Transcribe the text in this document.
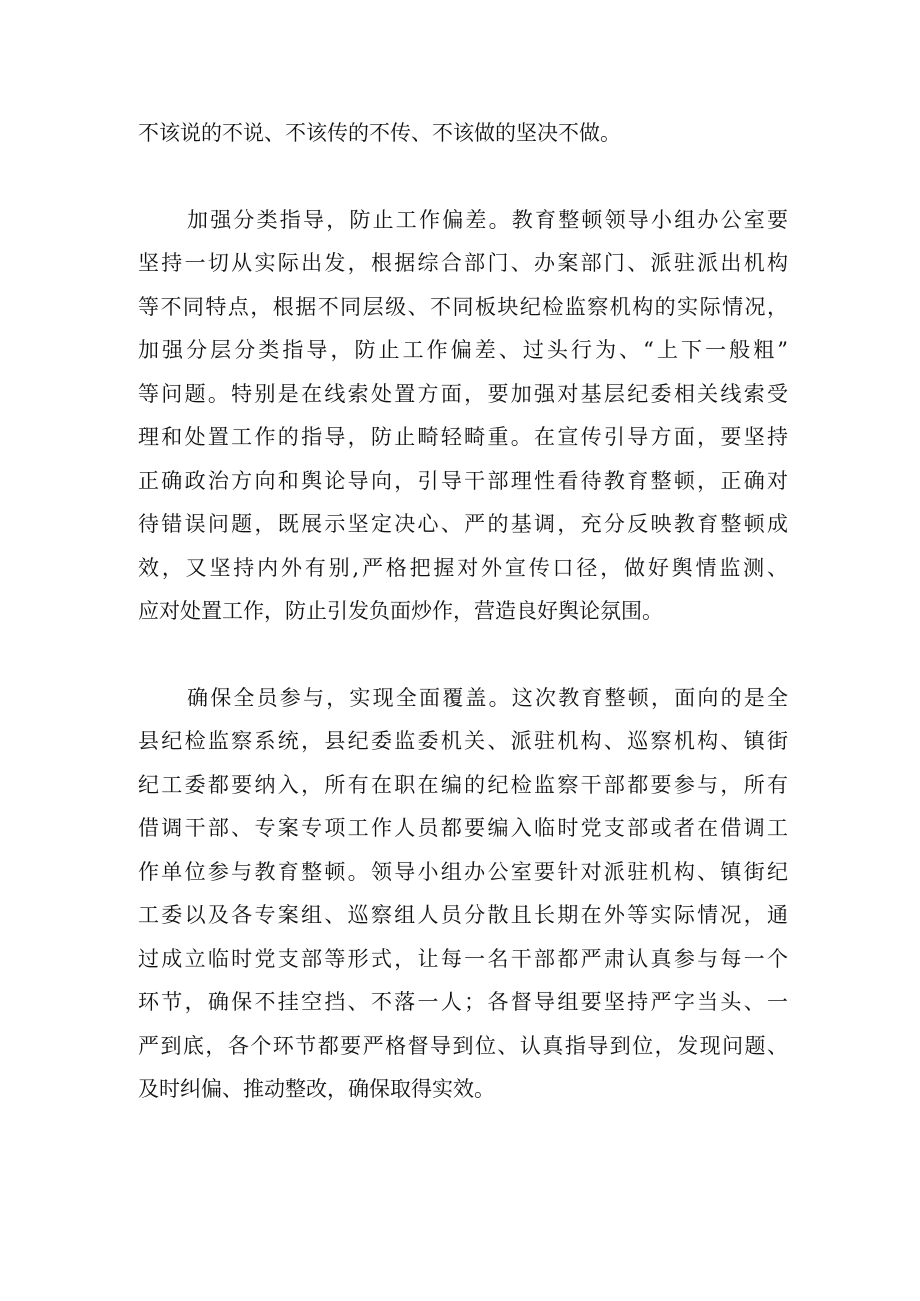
不该说的不说、不该传的不传、不该做的坚决不做。
加强分类指导，防止工作偏差。教育整顿领导小组办公室要
坚持一切从实际出发，根据综合部门、办案部门、派驻派出机构
等不同特点，根据不同层级、不同板块纪检监察机构的实际情况，
加强分层分类指导，防止工作偏差、过头行为、“上下一般粗”
等问题。特别是在线索处置方面，要加强对基层纪委相关线索受
理和处置工作的指导，防止畸轻畸重。在宣传引导方面，要坚持
正确政治方向和舆论导向，引导干部理性看待教育整顿，正确对
待错误问题，既展示坚定决心、严的基调，充分反映教育整顿成
效，又坚持内外有别,严格把握对外宣传口径，做好舆情监测、
应对处置工作，防止引发负面炒作，营造良好舆论氛围。
确保全员参与，实现全面覆盖。这次教育整顿，面向的是全
县纪检监察系统，县纪委监委机关、派驻机构、巡察机构、镇街
纪工委都要纳入，所有在职在编的纪检监察干部都要参与，所有
借调干部、专案专项工作人员都要编入临时党支部或者在借调工
作单位参与教育整顿。领导小组办公室要针对派驻机构、镇街纪
工委以及各专案组、巡察组人员分散且长期在外等实际情况，通
过成立临时党支部等形式，让每一名干部都严肃认真参与每一个
环节，确保不挂空挡、不落一人；各督导组要坚持严字当头、一
严到底，各个环节都要严格督导到位、认真指导到位，发现问题、
及时纠偏、推动整改，确保取得实效。
